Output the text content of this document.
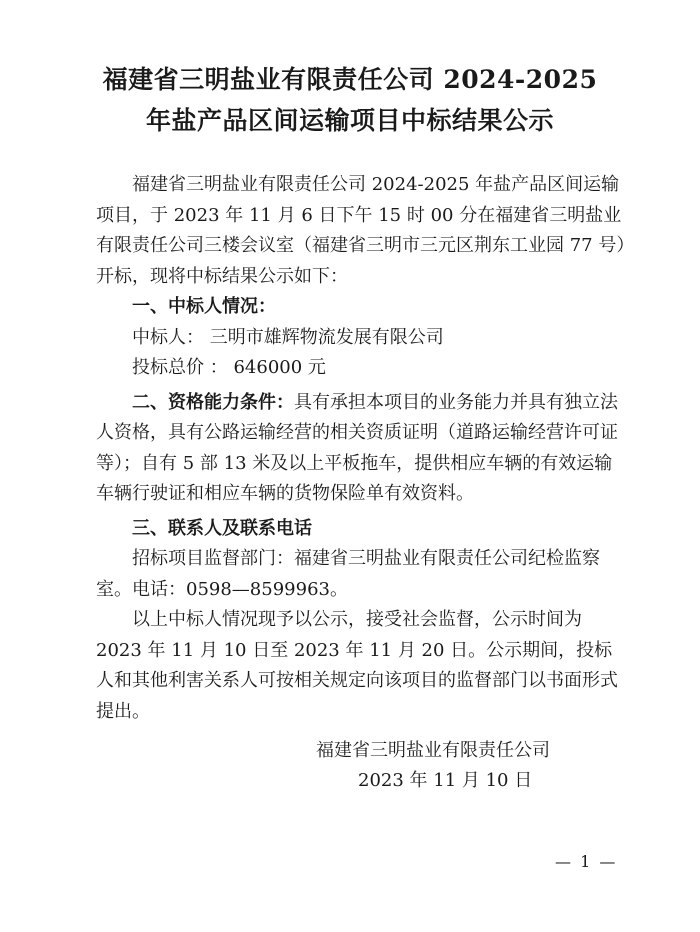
福建省三明盐业有限责任公司 2024-2025
年盐产品区间运输项目中标结果公示

福建省三明盐业有限责任公司 2024-2025 年盐产品区间运输项目，于 2023 年 11 月 6 日下午 15 时 00 分在福建省三明盐业有限责任公司三楼会议室（福建省三明市三元区荆东工业园 77 号）开标，现将中标结果公示如下：

一、中标人情况：

中标人： 三明市雄辉物流发展有限公司

投标总价 ： 646000 元

二、资格能力条件：具有承担本项目的业务能力并具有独立法人资格，具有公路运输经营的相关资质证明（道路运输经营许可证等）；自有 5 部 13 米及以上平板拖车，提供相应车辆的有效运输车辆行驶证和相应车辆的货物保险单有效资料。

三、联系人及联系电话

招标项目监督部门：福建省三明盐业有限责任公司纪检监察室。电话：0598—8599963。

以上中标人情况现予以公示，接受社会监督，公示时间为 2023 年 11 月 10 日至 2023 年 11 月 20 日。公示期间，投标人和其他利害关系人可按相关规定向该项目的监督部门以书面形式提出。

福建省三明盐业有限责任公司
2023 年 11 月 10 日
— 1 —
